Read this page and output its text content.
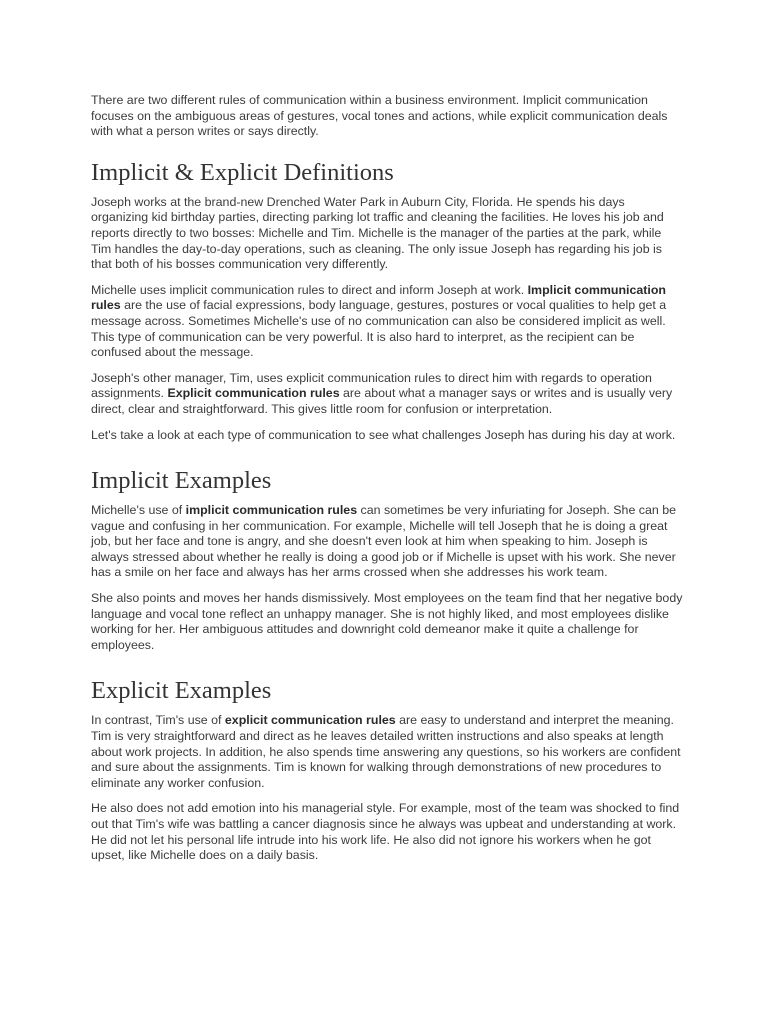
There are two different rules of communication within a business environment. Implicit communication focuses on the ambiguous areas of gestures, vocal tones and actions, while explicit communication deals with what a person writes or says directly.

Implicit & Explicit Definitions

Joseph works at the brand-new Drenched Water Park in Auburn City, Florida. He spends his days organizing kid birthday parties, directing parking lot traffic and cleaning the facilities. He loves his job and reports directly to two bosses: Michelle and Tim. Michelle is the manager of the parties at the park, while Tim handles the day-to-day operations, such as cleaning. The only issue Joseph has regarding his job is that both of his bosses communication very differently.

Michelle uses implicit communication rules to direct and inform Joseph at work. Implicit communication rules are the use of facial expressions, body language, gestures, postures or vocal qualities to help get a message across. Sometimes Michelle's use of no communication can also be considered implicit as well. This type of communication can be very powerful. It is also hard to interpret, as the recipient can be confused about the message.

Joseph's other manager, Tim, uses explicit communication rules to direct him with regards to operation assignments. Explicit communication rules are about what a manager says or writes and is usually very direct, clear and straightforward. This gives little room for confusion or interpretation.

Let's take a look at each type of communication to see what challenges Joseph has during his day at work.

Implicit Examples

Michelle's use of implicit communication rules can sometimes be very infuriating for Joseph. She can be vague and confusing in her communication. For example, Michelle will tell Joseph that he is doing a great job, but her face and tone is angry, and she doesn't even look at him when speaking to him. Joseph is always stressed about whether he really is doing a good job or if Michelle is upset with his work. She never has a smile on her face and always has her arms crossed when she addresses his work team.

She also points and moves her hands dismissively. Most employees on the team find that her negative body language and vocal tone reflect an unhappy manager. She is not highly liked, and most employees dislike working for her. Her ambiguous attitudes and downright cold demeanor make it quite a challenge for employees.

Explicit Examples

In contrast, Tim's use of explicit communication rules are easy to understand and interpret the meaning. Tim is very straightforward and direct as he leaves detailed written instructions and also speaks at length about work projects. In addition, he also spends time answering any questions, so his workers are confident and sure about the assignments. Tim is known for walking through demonstrations of new procedures to eliminate any worker confusion.

He also does not add emotion into his managerial style. For example, most of the team was shocked to find out that Tim's wife was battling a cancer diagnosis since he always was upbeat and understanding at work. He did not let his personal life intrude into his work life. He also did not ignore his workers when he got upset, like Michelle does on a daily basis.
